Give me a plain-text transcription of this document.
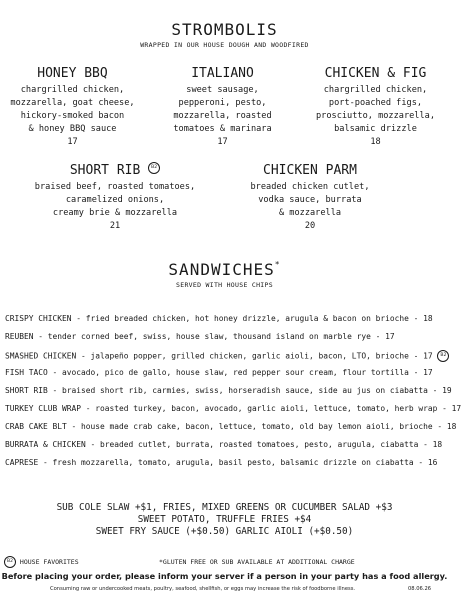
STROMBOLIS
WRAPPED IN OUR HOUSE DOUGH AND WOODFIRED
HONEY BBQ
chargrilled chicken,
mozzarella, goat cheese,
hickory-smoked bacon
& honey BBQ sauce
17
ITALIANO
sweet sausage,
pepperoni, pesto,
mozzarella, roasted
tomatoes & marinara
17
CHICKEN & FIG
chargrilled chicken,
port-poached figs,
prosciutto, mozzarella,
balsamic drizzle
18
SHORT RIB B2
braised beef, roasted tomatoes,
caramelized onions,
creamy brie & mozzarella
21
CHICKEN PARM
breaded chicken cutlet,
vodka sauce, burrata
& mozzarella
20
SANDWICHES*
SERVED WITH HOUSE CHIPS
CRISPY CHICKEN - fried breaded chicken, hot honey drizzle, arugula & bacon on brioche - 18
REUBEN - tender corned beef, swiss, house slaw, thousand island on marble rye - 17
SMASHED CHICKEN - jalapeño popper, grilled chicken, garlic aioli, bacon, LTO, brioche - 17 B2
FISH TACO - avocado, pico de gallo, house slaw, red pepper sour cream, flour tortilla - 17
SHORT RIB - braised short rib, carmies, swiss, horseradish sauce, side au jus on ciabatta - 19
TURKEY CLUB WRAP - roasted turkey, bacon, avocado, garlic aioli, lettuce, tomato, herb wrap - 17
CRAB CAKE BLT - house made crab cake, bacon, lettuce, tomato, old bay lemon aioli, brioche - 18
BURRATA & CHICKEN - breaded cutlet, burrata, roasted tomatoes, pesto, arugula, ciabatta - 18
CAPRESE - fresh mozzarella, tomato, arugula, basil pesto, balsamic drizzle on ciabatta - 16
SUB COLE SLAW +$1, FRIES, MIXED GREENS OR CUCUMBER SALAD +$3
SWEET POTATO, TRUFFLE FRIES +$4
SWEET FRY SAUCE (+$0.50) GARLIC AIOLI (+$0.50)
B2 HOUSE FAVORITES	*GLUTEN FREE OR SUB AVAILABLE AT ADDITIONAL CHARGE
Before placing your order, please inform your server if a person in your party has a food allergy.
Consuming raw or undercooked meats, poultry, seafood, shellfish, or eggs may increase the risk of foodborne illness.	08.06.26
